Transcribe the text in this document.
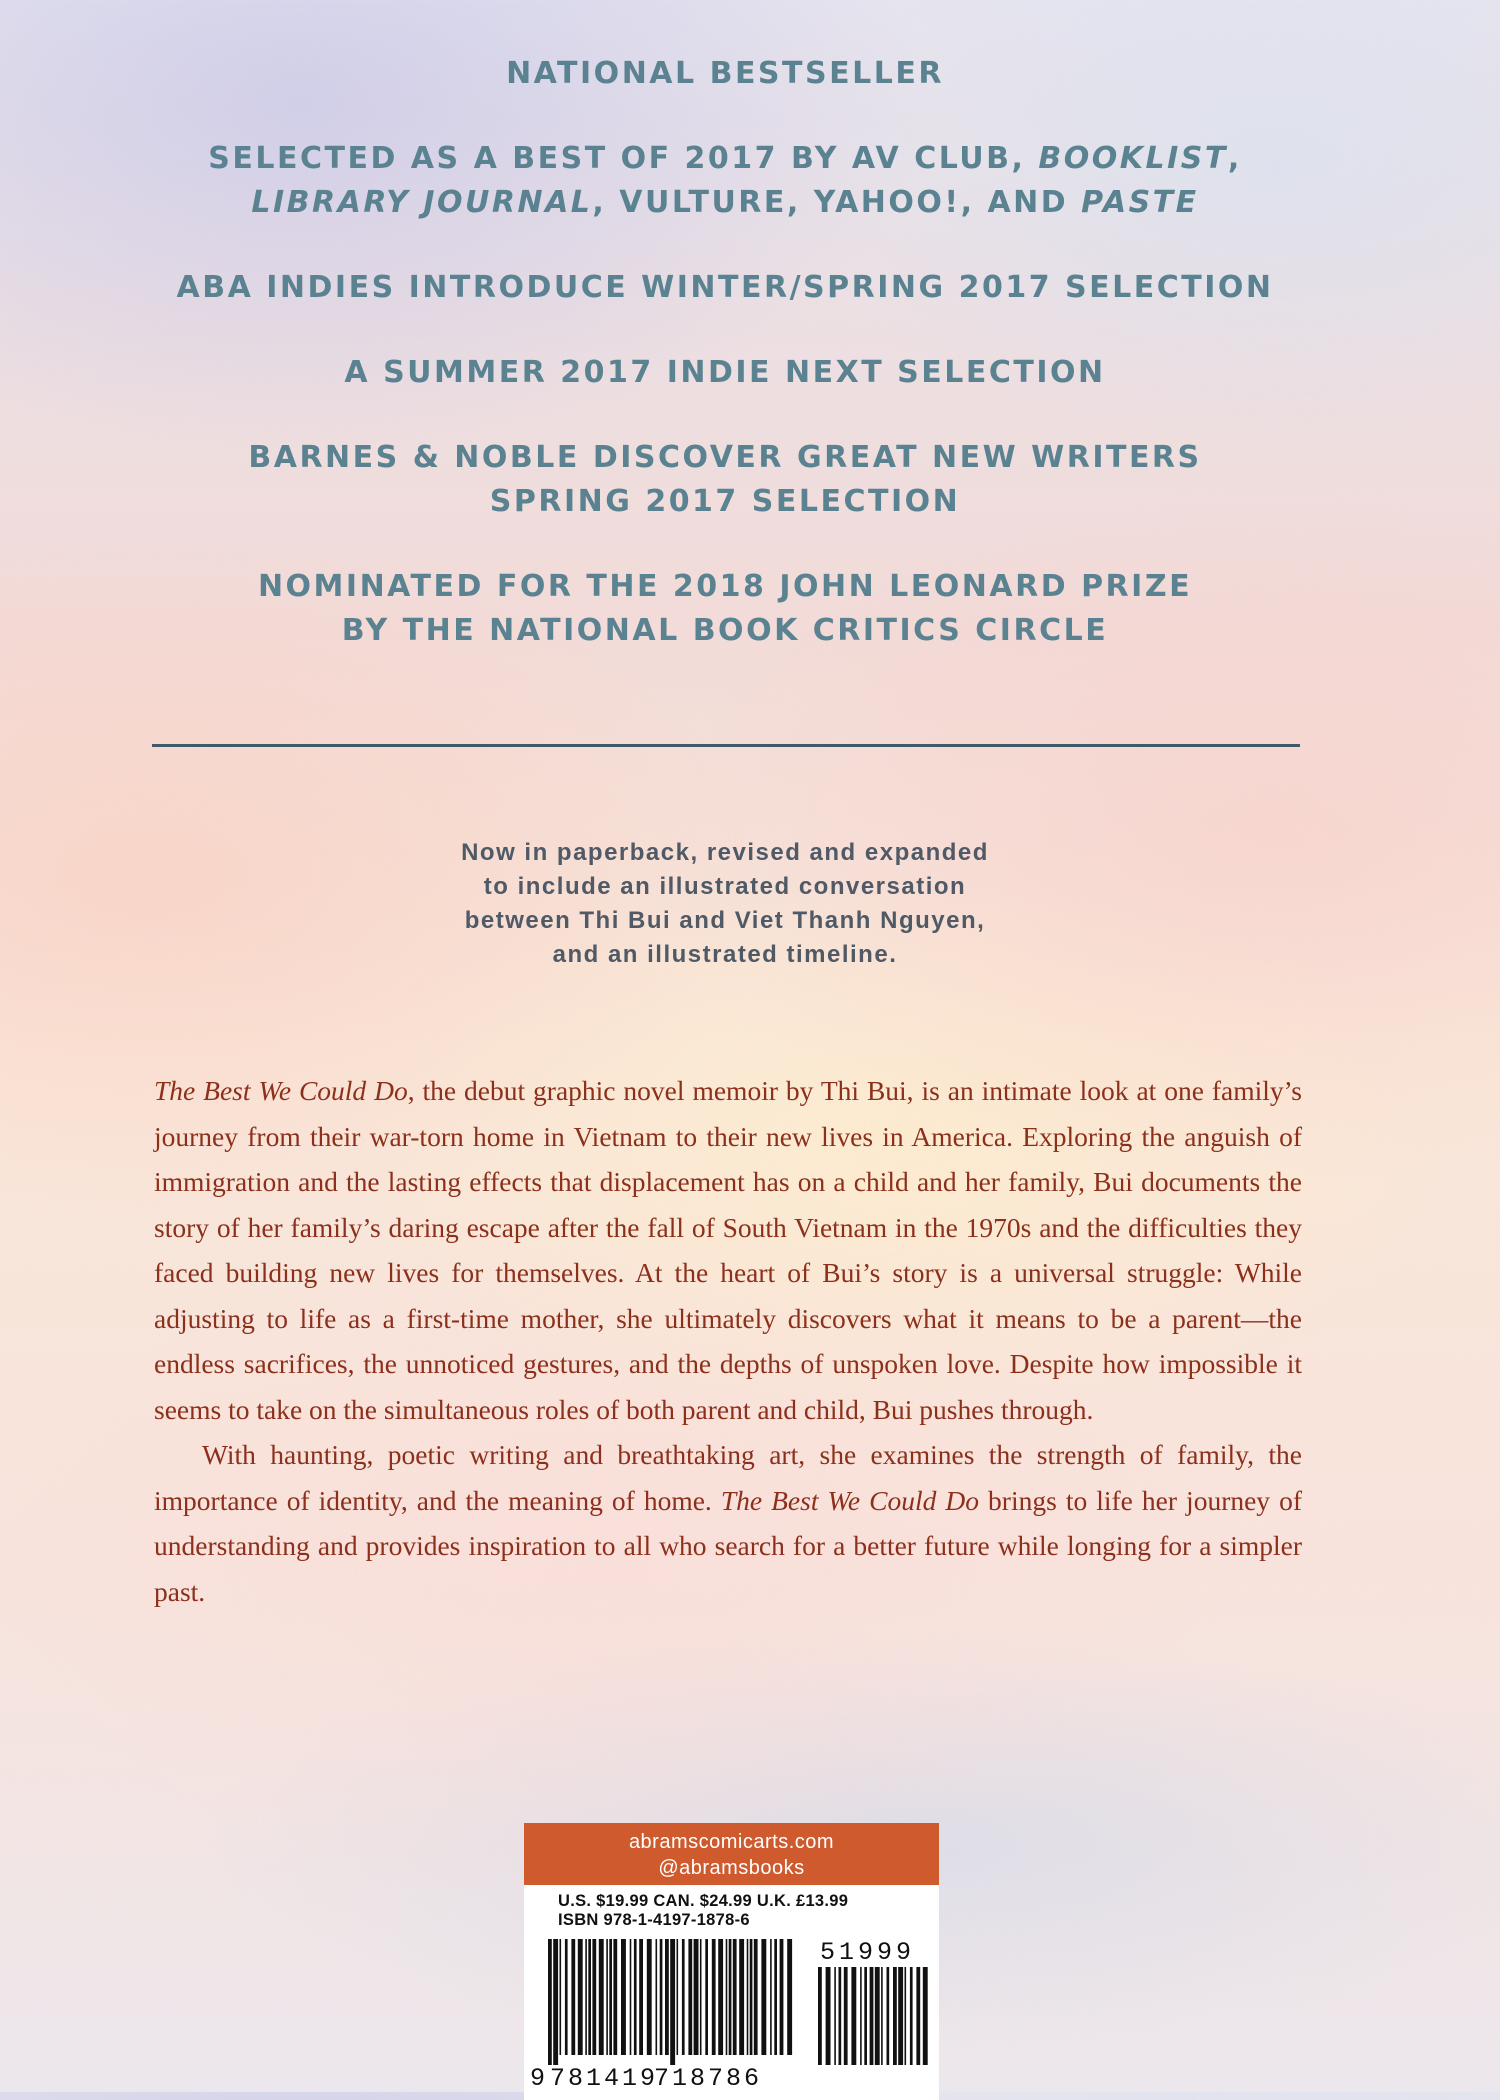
NATIONAL BESTSELLER
SELECTED AS A BEST OF 2017 BY AV CLUB, BOOKLIST,
LIBRARY JOURNAL, VULTURE, YAHOO!, AND PASTE
ABA INDIES INTRODUCE WINTER/SPRING 2017 SELECTION
A SUMMER 2017 INDIE NEXT SELECTION
BARNES & NOBLE DISCOVER GREAT NEW WRITERS
SPRING 2017 SELECTION
NOMINATED FOR THE 2018 JOHN LEONARD PRIZE
BY THE NATIONAL BOOK CRITICS CIRCLE
Now in paperback, revised and expanded
to include an illustrated conversation
between Thi Bui and Viet Thanh Nguyen,
and an illustrated timeline.

The Best We Could Do, the debut graphic novel memoir by Thi Bui, is an intimate look at one family’s journey from their war-torn home in Vietnam to their new lives in America. Exploring the anguish of immigration and the lasting effects that displacement has on a child and her family, Bui documents the story of her family’s daring escape after the fall of South Vietnam in the 1970s and the difficulties they faced building new lives for themselves. At the heart of Bui’s story is a universal struggle: While adjusting to life as a first-time mother, she ultimately discovers what it means to be a parent—the endless sacrifices, the unnoticed gestures, and the depths of unspoken love. Despite how impossible it seems to take on the simultaneous roles of both parent and child, Bui pushes through.

With haunting, poetic writing and breathtaking art, she examines the strength of family, the importance of identity, and the meaning of home. The Best We Could Do brings to life her journey of understanding and provides inspiration to all who search for a better future while longing for a simpler past.

abramscomicarts.com
@abramsbooks
U.S. $19.99 CAN. $24.99 U.K. £13.99
ISBN 978-1-4197-1878-6
9 781419
718786
51999
